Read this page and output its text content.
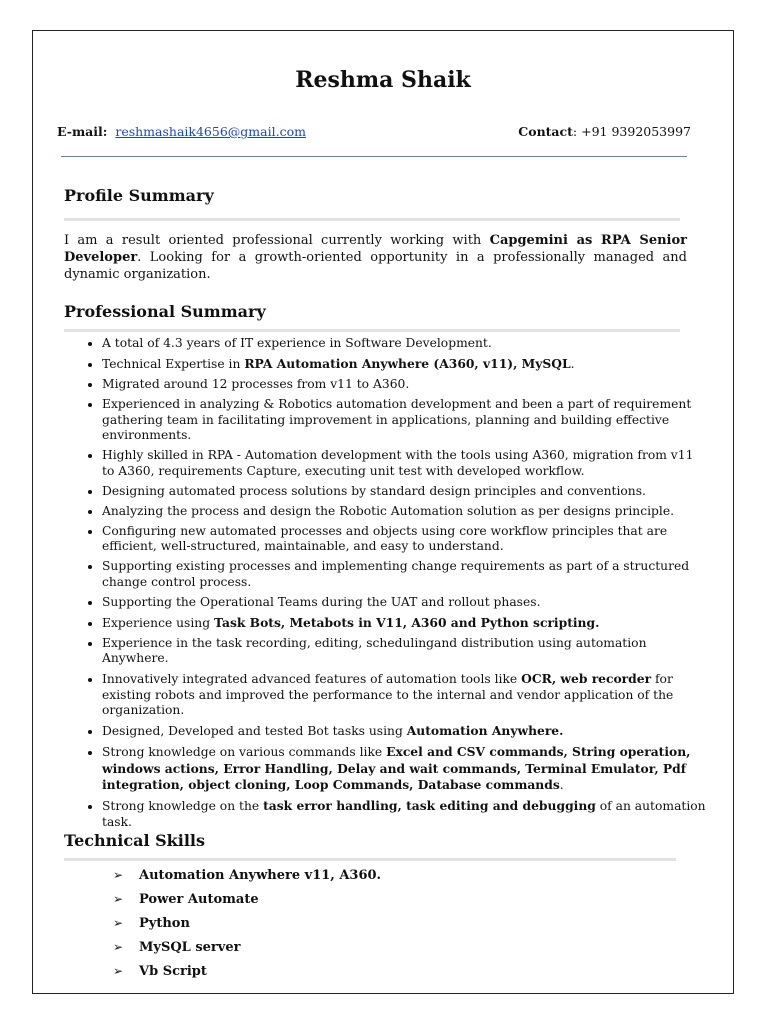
Reshma Shaik
E-mail: reshmashaik4656@gmail.com	Contact: +91 9392053997
Profile Summary
I am a result oriented professional currently working with Capgemini as RPA Senior Developer. Looking for a growth-oriented opportunity in a professionally managed and dynamic organization.
Professional Summary
• A total of 4.3 years of IT experience in Software Development.
• Technical Expertise in RPA Automation Anywhere (A360, v11), MySQL.
• Migrated around 12 processes from v11 to A360.
• Experienced in analyzing & Robotics automation development and been a part of requirement gathering team in facilitating improvement in applications, planning and building effective environments.
• Highly skilled in RPA - Automation development with the tools using A360, migration from v11 to A360, requirements Capture, executing unit test with developed workflow.
• Designing automated process solutions by standard design principles and conventions.
• Analyzing the process and design the Robotic Automation solution as per designs principle.
• Configuring new automated processes and objects using core workflow principles that are efficient, well-structured, maintainable, and easy to understand.
• Supporting existing processes and implementing change requirements as part of a structured change control process.
• Supporting the Operational Teams during the UAT and rollout phases.
• Experience using Task Bots, Metabots in V11, A360 and Python scripting.
• Experience in the task recording, editing, schedulingand distribution using automation Anywhere.
• Innovatively integrated advanced features of automation tools like OCR, web recorder for existing robots and improved the performance to the internal and vendor application of the organization.
• Designed, Developed and tested Bot tasks using Automation Anywhere.
• Strong knowledge on various commands like Excel and CSV commands, String operation, windows actions, Error Handling, Delay and wait commands, Terminal Emulator, Pdf integration, object cloning, Loop Commands, Database commands.
• Strong knowledge on the task error handling, task editing and debugging of an automation task.
Technical Skills
➢	Automation Anywhere v11, A360.
➢	Power Automate
➢	Python
➢	MySQL server
➢	Vb Script
